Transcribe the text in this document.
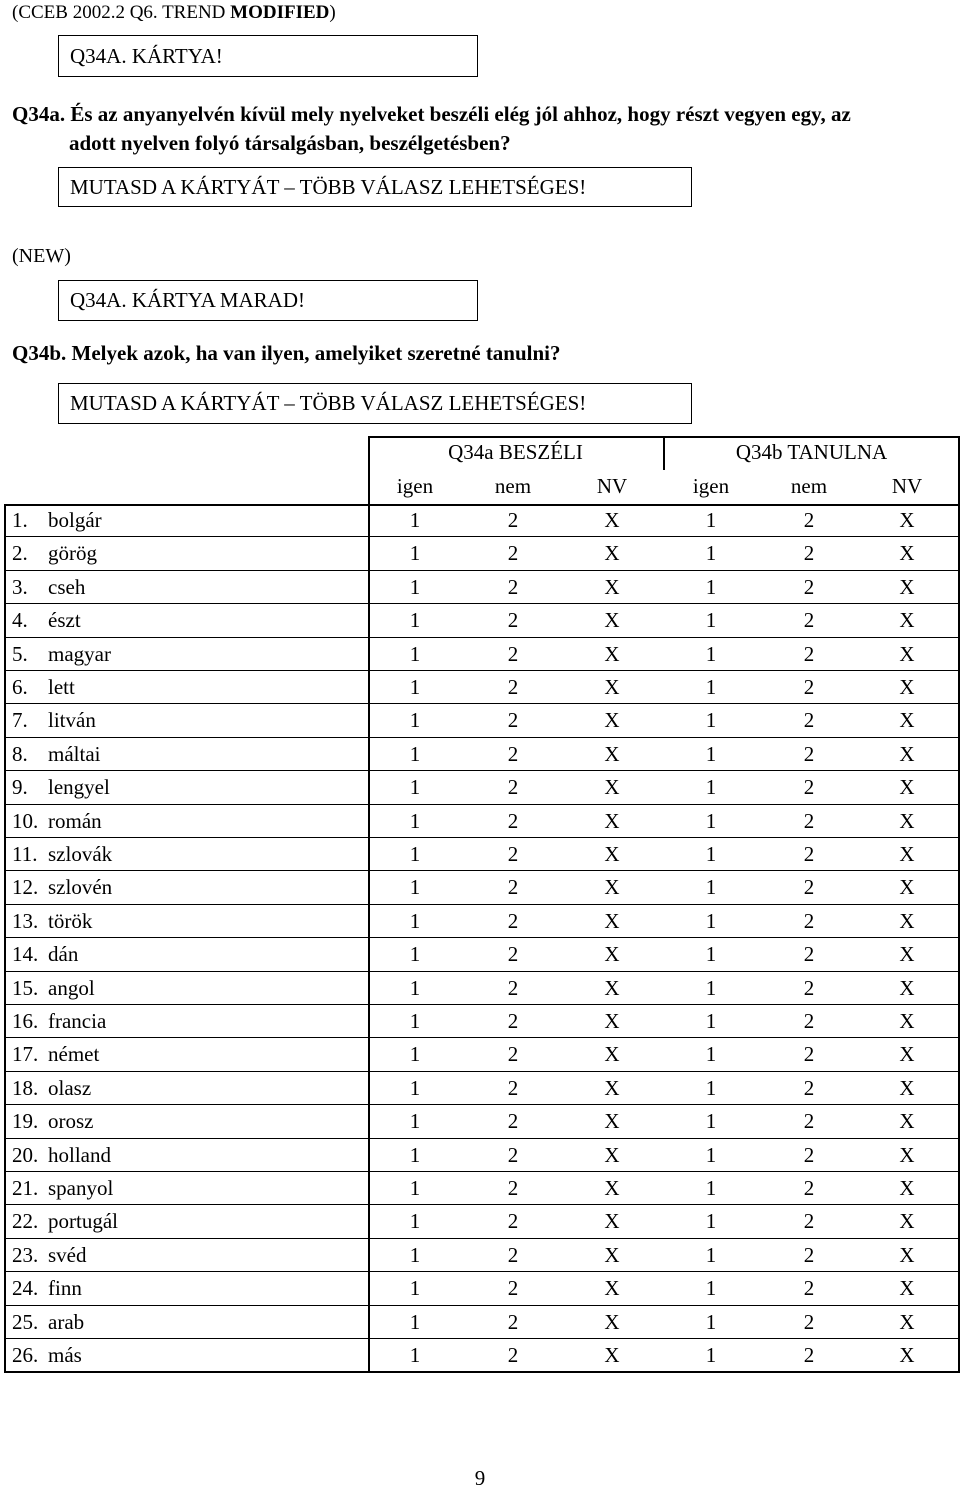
(CCEB 2002.2 Q6. TREND MODIFIED)
Q34A. KÁRTYA!
Q34a. És az anyanyelvén kívül mely nyelveket beszéli elég jól ahhoz, hogy részt vegyen egy, az
adott nyelven folyó társalgásban, beszélgetésben?
MUTASD A KÁRTYÁT – TÖBB VÁLASZ LEHETSÉGES!
(NEW)
Q34A. KÁRTYA MARAD!
Q34b. Melyek azok, ha van ilyen, amelyiket szeretné tanulni?
MUTASD A KÁRTYÁT – TÖBB VÁLASZ LEHETSÉGES!
Q34a BESZÉLI	Q34b TANULNA
igen	nem	NV	igen	nem	NV
1. bolgár	1	2	X	1	2	X
2. görög	1	2	X	1	2	X
3. cseh	1	2	X	1	2	X
4. észt	1	2	X	1	2	X
5. magyar	1	2	X	1	2	X
6. lett	1	2	X	1	2	X
7. litván	1	2	X	1	2	X
8. máltai	1	2	X	1	2	X
9. lengyel	1	2	X	1	2	X
10. román	1	2	X	1	2	X
11. szlovák	1	2	X	1	2	X
12. szlovén	1	2	X	1	2	X
13. török	1	2	X	1	2	X
14. dán	1	2	X	1	2	X
15. angol	1	2	X	1	2	X
16. francia	1	2	X	1	2	X
17. német	1	2	X	1	2	X
18. olasz	1	2	X	1	2	X
19. orosz	1	2	X	1	2	X
20. holland	1	2	X	1	2	X
21. spanyol	1	2	X	1	2	X
22. portugál	1	2	X	1	2	X
23. svéd	1	2	X	1	2	X
24. finn	1	2	X	1	2	X
25. arab	1	2	X	1	2	X
26. más	1	2	X	1	2	X
9
